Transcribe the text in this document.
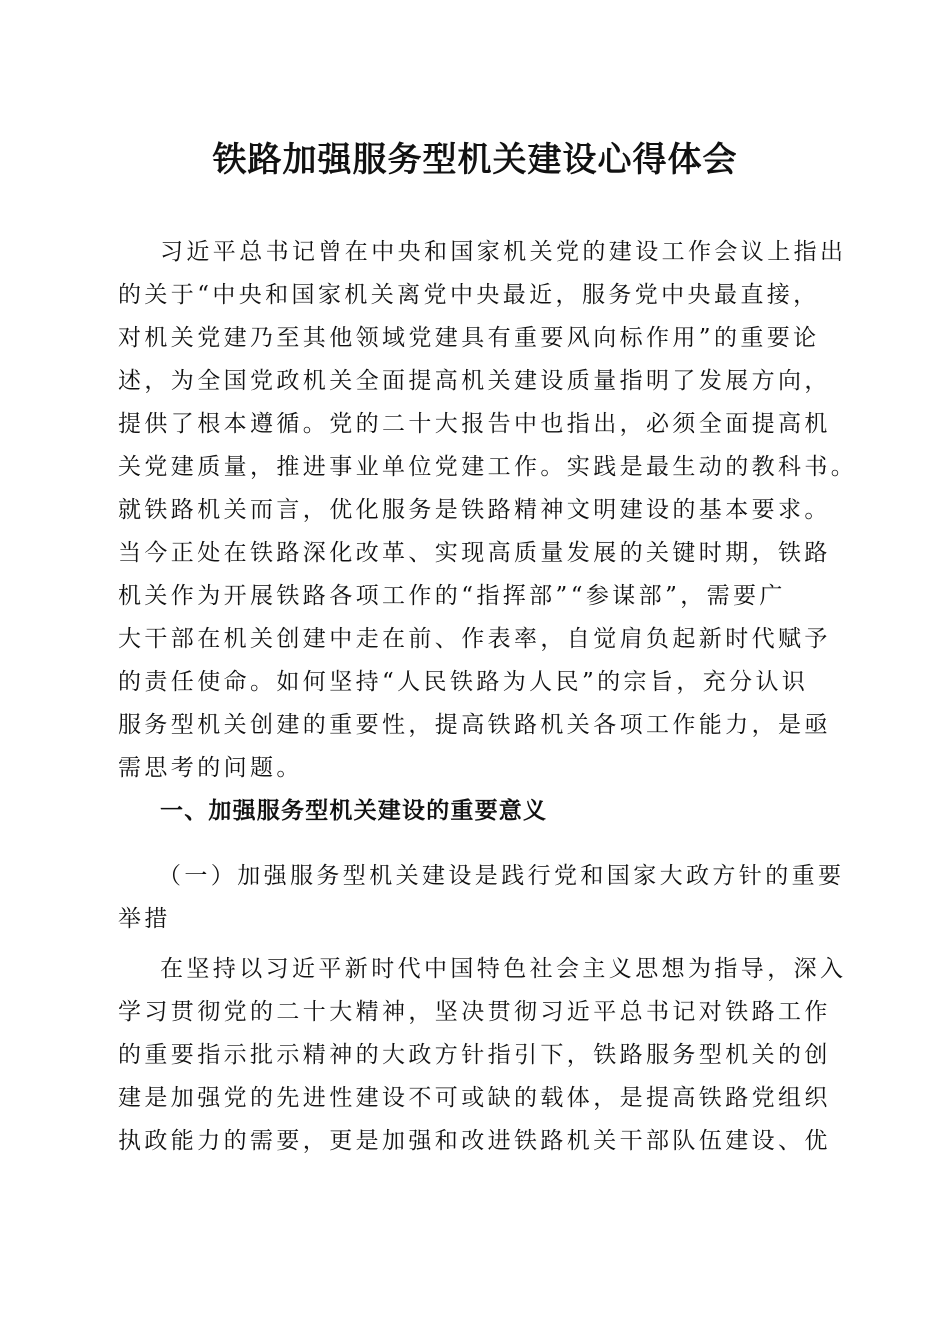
铁路加强服务型机关建设心得体会
习近平总书记曾在中央和国家机关党的建设工作会议上指出
的关于“中央和国家机关离党中央最近，服务党中央最直接，
对机关党建乃至其他领域党建具有重要风向标作用”的重要论
述，为全国党政机关全面提高机关建设质量指明了发展方向，
提供了根本遵循。党的二十大报告中也指出，必须全面提高机
关党建质量，推进事业单位党建工作。实践是最生动的教科书。
就铁路机关而言，优化服务是铁路精神文明建设的基本要求。
当今正处在铁路深化改革、实现高质量发展的关键时期，铁路
机关作为开展铁路各项工作的“指挥部”“参谋部”，需要广
大干部在机关创建中走在前、作表率，自觉肩负起新时代赋予
的责任使命。如何坚持“人民铁路为人民”的宗旨，充分认识
服务型机关创建的重要性，提高铁路机关各项工作能力，是亟
需思考的问题。
一、加强服务型机关建设的重要意义
（一）加强服务型机关建设是践行党和国家大政方针的重要
举措
在坚持以习近平新时代中国特色社会主义思想为指导，深入
学习贯彻党的二十大精神，坚决贯彻习近平总书记对铁路工作
的重要指示批示精神的大政方针指引下，铁路服务型机关的创
建是加强党的先进性建设不可或缺的载体，是提高铁路党组织
执政能力的需要，更是加强和改进铁路机关干部队伍建设、优
